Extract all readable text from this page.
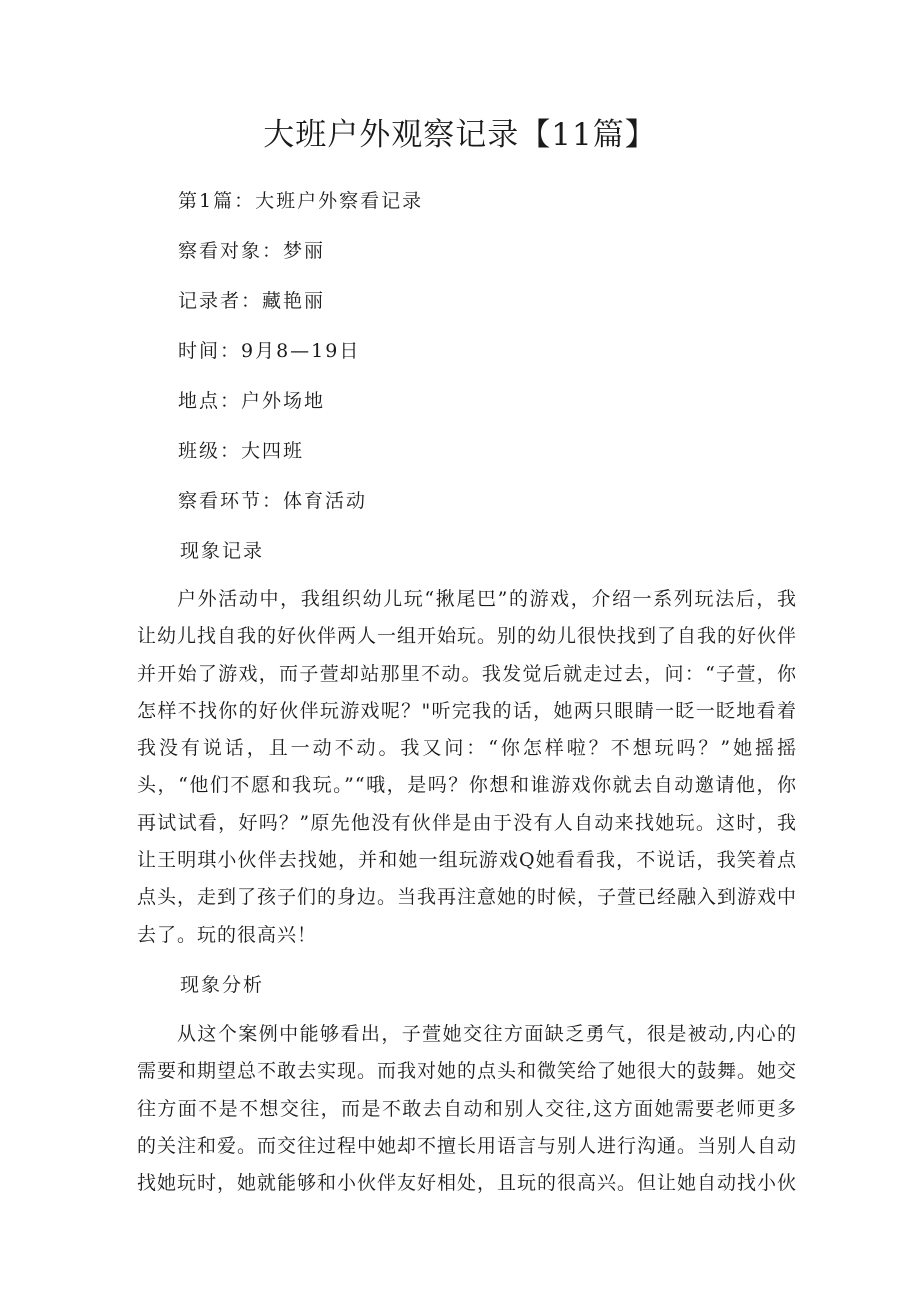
大班户外观察记录【11篇】
第1篇：大班户外察看记录
察看对象：梦丽
记录者：藏艳丽
时间：9月8—19日
地点：户外场地
班级：大四班
察看环节：体育活动
现象记录

户外活动中，我组织幼儿玩“揪尾巴”的游戏，介绍一系列玩法后，我让幼儿找自我的好伙伴两人一组开始玩。别的幼儿很快找到了自我的好伙伴并开始了游戏，而子萱却站那里不动。我发觉后就走过去，问：“子萱，你怎样不找你的好伙伴玩游戏呢？"听完我的话，她两只眼睛一眨一眨地看着我没有说话，且一动不动。我又问：“你怎样啦？不想玩吗？”她摇摇头，“他们不愿和我玩。”“哦，是吗？你想和谁游戏你就去自动邀请他，你再试试看，好吗？”原先他没有伙伴是由于没有人自动来找她玩。这时，我让王明琪小伙伴去找她，并和她一组玩游戏Q她看看我，不说话，我笑着点点头，走到了孩子们的身边。当我再注意她的时候，子萱已经融入到游戏中去了。玩的很高兴！

现象分析

从这个案例中能够看出，子萱她交往方面缺乏勇气，很是被动,内心的需要和期望总不敢去实现。而我对她的点头和微笑给了她很大的鼓舞。她交往方面不是不想交往，而是不敢去自动和别人交往,这方面她需要老师更多的关注和爱。而交往过程中她却不擅长用语言与别人进行沟通。当别人自动找她玩时，她就能够和小伙伴友好相处，且玩的很高兴。但让她自动找小伙
